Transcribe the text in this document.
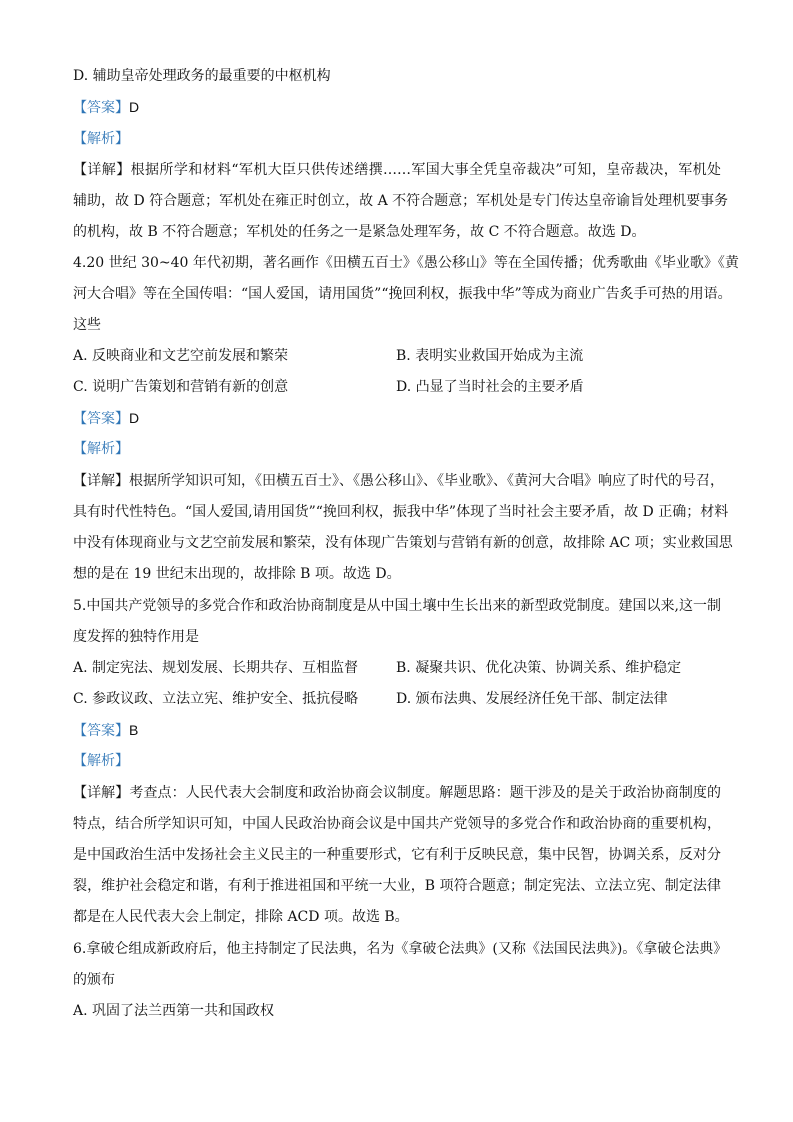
D. 辅助皇帝处理政务的最重要的中枢机构
【答案】D
【解析】
【详解】根据所学和材料“军机大臣只供传述缮撰……军国大事全凭皇帝裁决”可知，皇帝裁决，军机处
辅助，故 D 符合题意；军机处在雍正时创立，故 A 不符合题意；军机处是专门传达皇帝谕旨处理机要事务
的机构，故 B 不符合题意；军机处的任务之一是紧急处理军务，故 C 不符合题意。故选 D。
4.20 世纪 30~40 年代初期，著名画作《田横五百士》《愚公移山》等在全国传播；优秀歌曲《毕业歌》《黄
河大合唱》等在全国传唱：“国人爱国，请用国货”“挽回利权，振我中华”等成为商业广告炙手可热的用语。
这些
A. 反映商业和文艺空前发展和繁荣	B. 表明实业救国开始成为主流
C. 说明广告策划和营销有新的创意	D. 凸显了当时社会的主要矛盾
【答案】D
【解析】
【详解】根据所学知识可知，《田横五百士》、《愚公移山》、《毕业歌》、《黄河大合唱》响应了时代的号召，
具有时代性特色。“国人爱国,请用国货”“挽回利权，振我中华”体现了当时社会主要矛盾，故 D 正确；材料
中没有体现商业与文艺空前发展和繁荣，没有体现广告策划与营销有新的创意，故排除 AC 项；实业救国思
想的是在 19 世纪末出现的，故排除 B 项。故选 D。
5.中国共产党领导的多党合作和政治协商制度是从中国土壤中生长出来的新型政党制度。建国以来,这一制
度发挥的独特作用是
A. 制定宪法、规划发展、长期共存、互相监督	B. 凝聚共识、优化决策、协调关系、维护稳定
C. 参政议政、立法立宪、维护安全、抵抗侵略	D. 颁布法典、发展经济任免干部、制定法律
【答案】B
【解析】
【详解】考查点：人民代表大会制度和政治协商会议制度。解题思路：题干涉及的是关于政治协商制度的
特点，结合所学知识可知，中国人民政治协商会议是中国共产党领导的多党合作和政治协商的重要机构，
是中国政治生活中发扬社会主义民主的一种重要形式，它有利于反映民意，集中民智，协调关系，反对分
裂，维护社会稳定和谐，有利于推进祖国和平统一大业，B 项符合题意；制定宪法、立法立宪、制定法律
都是在人民代表大会上制定，排除 ACD 项。故选 B。
6.拿破仑组成新政府后，他主持制定了民法典，名为《拿破仑法典》(又称《法国民法典》)。《拿破仑法典》
的颁布
A. 巩固了法兰西第一共和国政权
